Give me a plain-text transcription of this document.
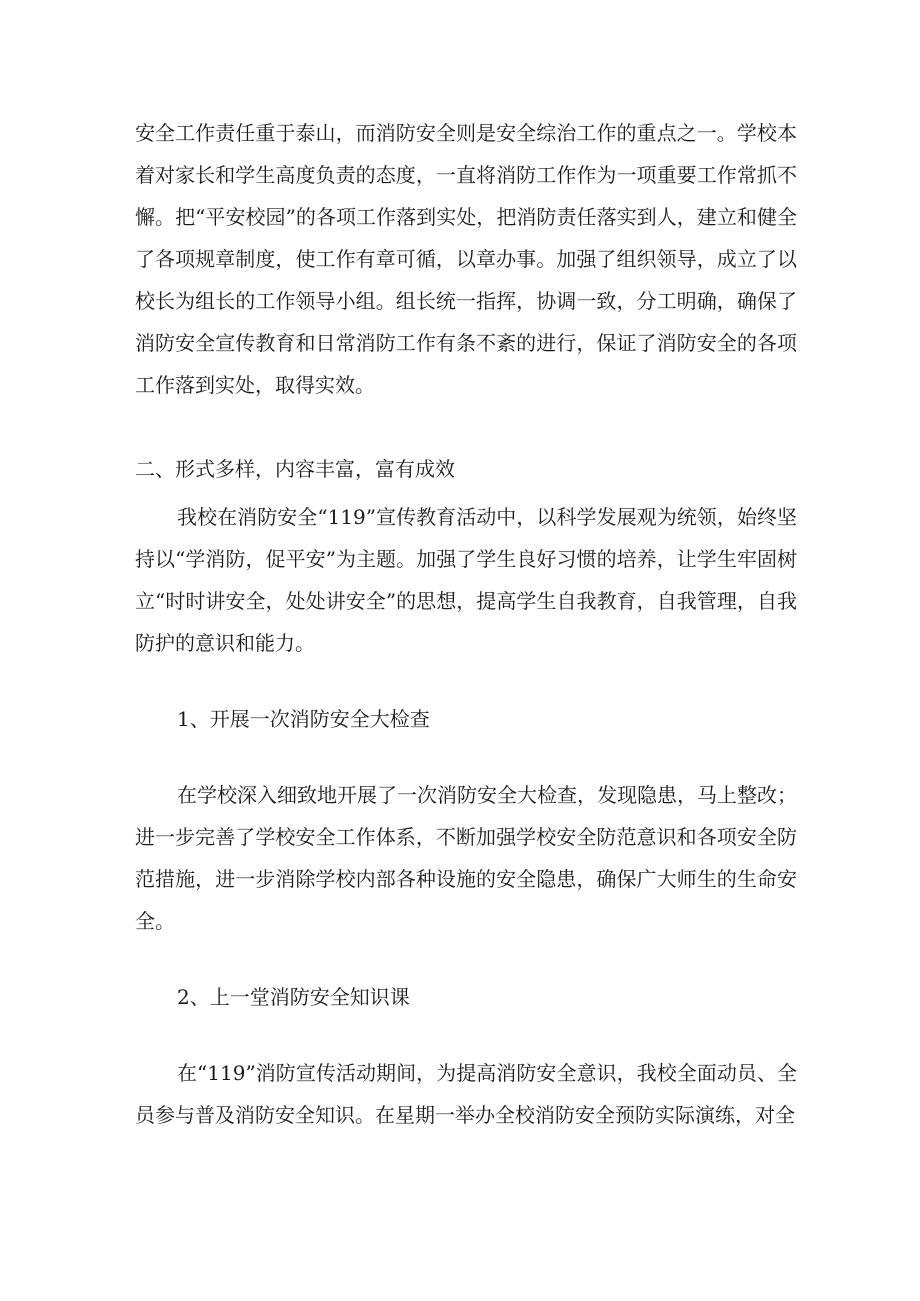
安全工作责任重于泰山，而消防安全则是安全综治工作的重点之一。学校本着对家长和学生高度负责的态度，一直将消防工作作为一项重要工作常抓不懈。把“平安校园”的各项工作落到实处，把消防责任落实到人，建立和健全了各项规章制度，使工作有章可循，以章办事。加强了组织领导，成立了以校长为组长的工作领导小组。组长统一指挥，协调一致，分工明确，确保了消防安全宣传教育和日常消防工作有条不紊的进行，保证了消防安全的各项工作落到实处，取得实效。

二、形式多样，内容丰富，富有成效

我校在消防安全“119”宣传教育活动中，以科学发展观为统领，始终坚持以“学消防，促平安”为主题。加强了学生良好习惯的培养，让学生牢固树立“时时讲安全，处处讲安全”的思想，提高学生自我教育，自我管理，自我防护的意识和能力。

1、开展一次消防安全大检查

在学校深入细致地开展了一次消防安全大检查，发现隐患，马上整改；进一步完善了学校安全工作体系，不断加强学校安全防范意识和各项安全防范措施，进一步消除学校内部各种设施的安全隐患，确保广大师生的生命安全。

2、上一堂消防安全知识课

在“119”消防宣传活动期间，为提高消防安全意识，我校全面动员、全员参与普及消防安全知识。在星期一举办全校消防安全预防实际演练，对全
